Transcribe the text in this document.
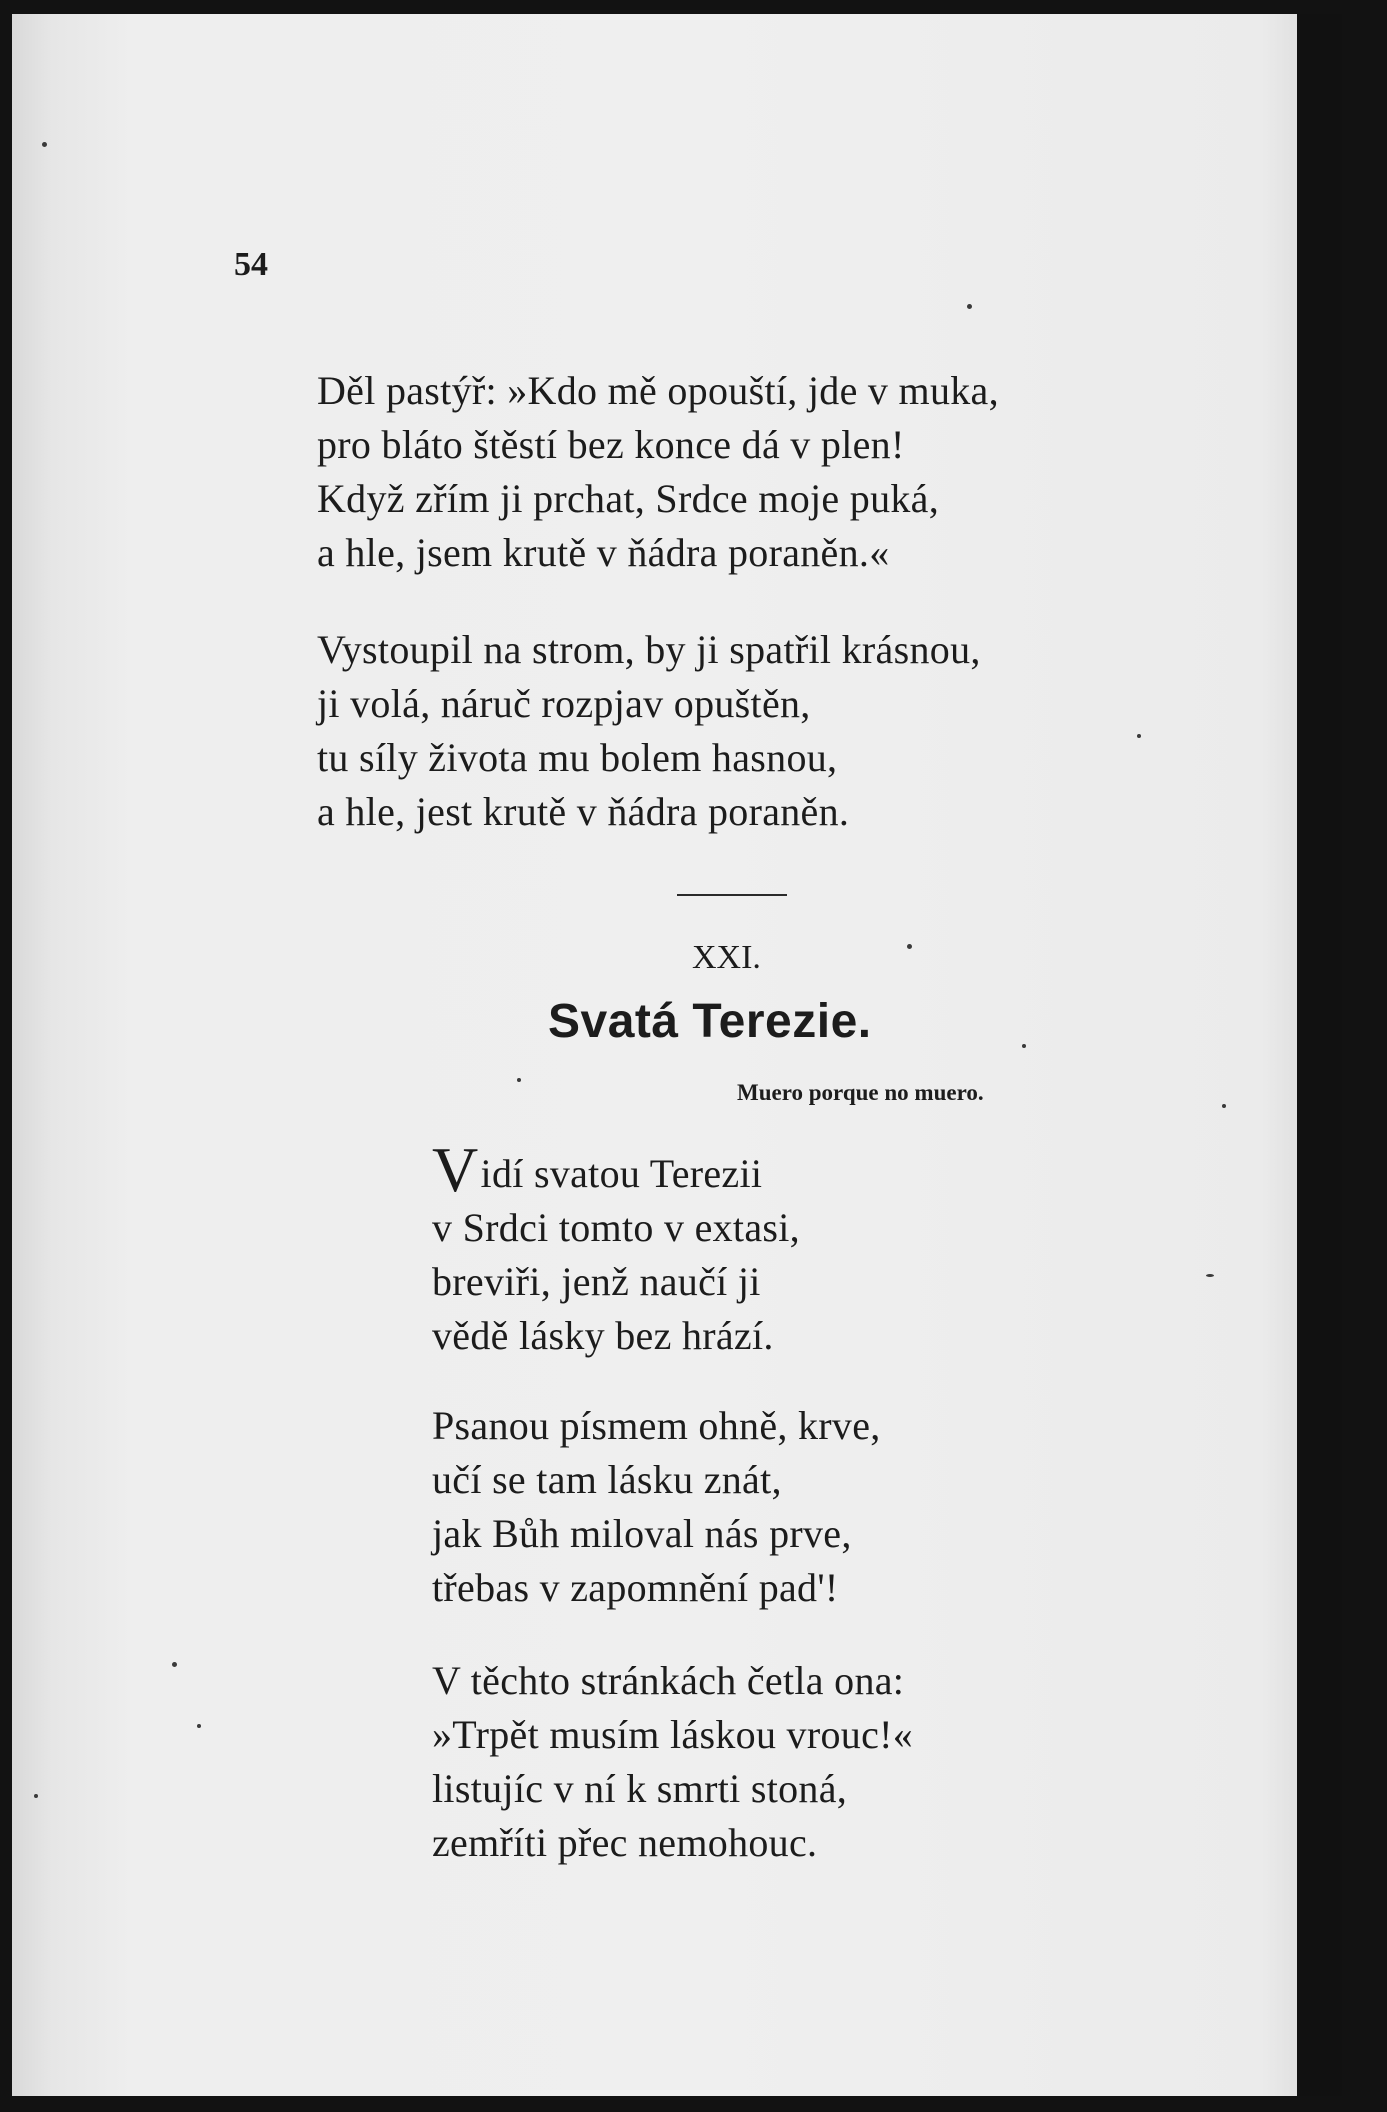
54
Děl pastýř: »Kdo mě opouští, jde v muka,
pro bláto štěstí bez konce dá v plen!
Když zřím ji prchat, Srdce moje puká,
a hle, jsem krutě v ňádra poraněn.«
Vystoupil na strom, by ji spatřil krásnou,
ji volá, náruč rozpjav opuštěn,
tu síly života mu bolem hasnou,
a hle, jest krutě v ňádra poraněn.
XXI.
Svatá Terezie.
Muero porque no muero.
Vidí svatou Terezii
v Srdci tomto v extasi,
breviři, jenž naučí ji
vědě lásky bez hrází.
Psanou písmem ohně, krve,
učí se tam lásku znát,
jak Bůh miloval nás prve,
třebas v zapomnění pad'!
V těchto stránkách četla ona:
»Trpět musím láskou vrouc!«
listujíc v ní k smrti stoná,
zemříti přec nemohouc.
